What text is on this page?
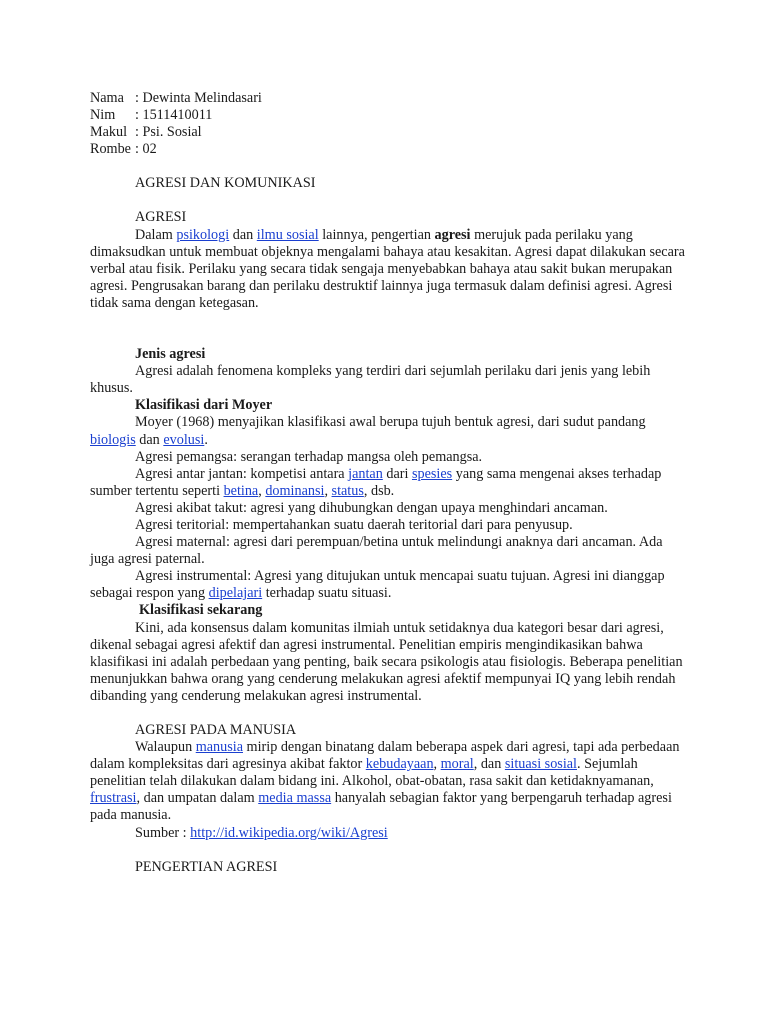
Nama : Dewinta Melindasari
Nim	: 1511410011
Makul : Psi. Sosial
Rombe : 02
AGRESI DAN KOMUNIKASI
AGRESI
Dalam psikologi dan ilmu sosial lainnya, pengertian agresi merujuk pada perilaku yang dimaksudkan untuk membuat objeknya mengalami bahaya atau kesakitan. Agresi dapat dilakukan secara verbal atau fisik. Perilaku yang secara tidak sengaja menyebabkan bahaya atau sakit bukan merupakan agresi. Pengrusakan barang dan perilaku destruktif lainnya juga termasuk dalam definisi agresi. Agresi tidak sama dengan ketegasan.
Jenis agresi
Agresi adalah fenomena kompleks yang terdiri dari sejumlah perilaku dari jenis yang lebih khusus.
Klasifikasi dari Moyer
Moyer (1968) menyajikan klasifikasi awal berupa tujuh bentuk agresi, dari sudut pandang biologis dan evolusi.
Agresi pemangsa: serangan terhadap mangsa oleh pemangsa.
Agresi antar jantan: kompetisi antara jantan dari spesies yang sama mengenai akses terhadap sumber tertentu seperti betina, dominansi, status, dsb.
Agresi akibat takut: agresi yang dihubungkan dengan upaya menghindari ancaman.
Agresi teritorial: mempertahankan suatu daerah teritorial dari para penyusup.
Agresi maternal: agresi dari perempuan/betina untuk melindungi anaknya dari ancaman. Ada juga agresi paternal.
Agresi instrumental: Agresi yang ditujukan untuk mencapai suatu tujuan. Agresi ini dianggap sebagai respon yang dipelajari terhadap suatu situasi.
Klasifikasi sekarang
Kini, ada konsensus dalam komunitas ilmiah untuk setidaknya dua kategori besar dari agresi, dikenal sebagai agresi afektif dan agresi instrumental. Penelitian empiris mengindikasikan bahwa klasifikasi ini adalah perbedaan yang penting, baik secara psikologis atau fisiologis. Beberapa penelitian menunjukkan bahwa orang yang cenderung melakukan agresi afektif mempunyai IQ yang lebih rendah dibanding yang cenderung melakukan agresi instrumental.
AGRESI PADA MANUSIA
Walaupun manusia mirip dengan binatang dalam beberapa aspek dari agresi, tapi ada perbedaan dalam kompleksitas dari agresinya akibat faktor kebudayaan, moral, dan situasi sosial. Sejumlah penelitian telah dilakukan dalam bidang ini. Alkohol, obat-obatan, rasa sakit dan ketidaknyamanan, frustrasi, dan umpatan dalam media massa hanyalah sebagian faktor yang berpengaruh terhadap agresi pada manusia.
Sumber : http://id.wikipedia.org/wiki/Agresi
PENGERTIAN AGRESI
